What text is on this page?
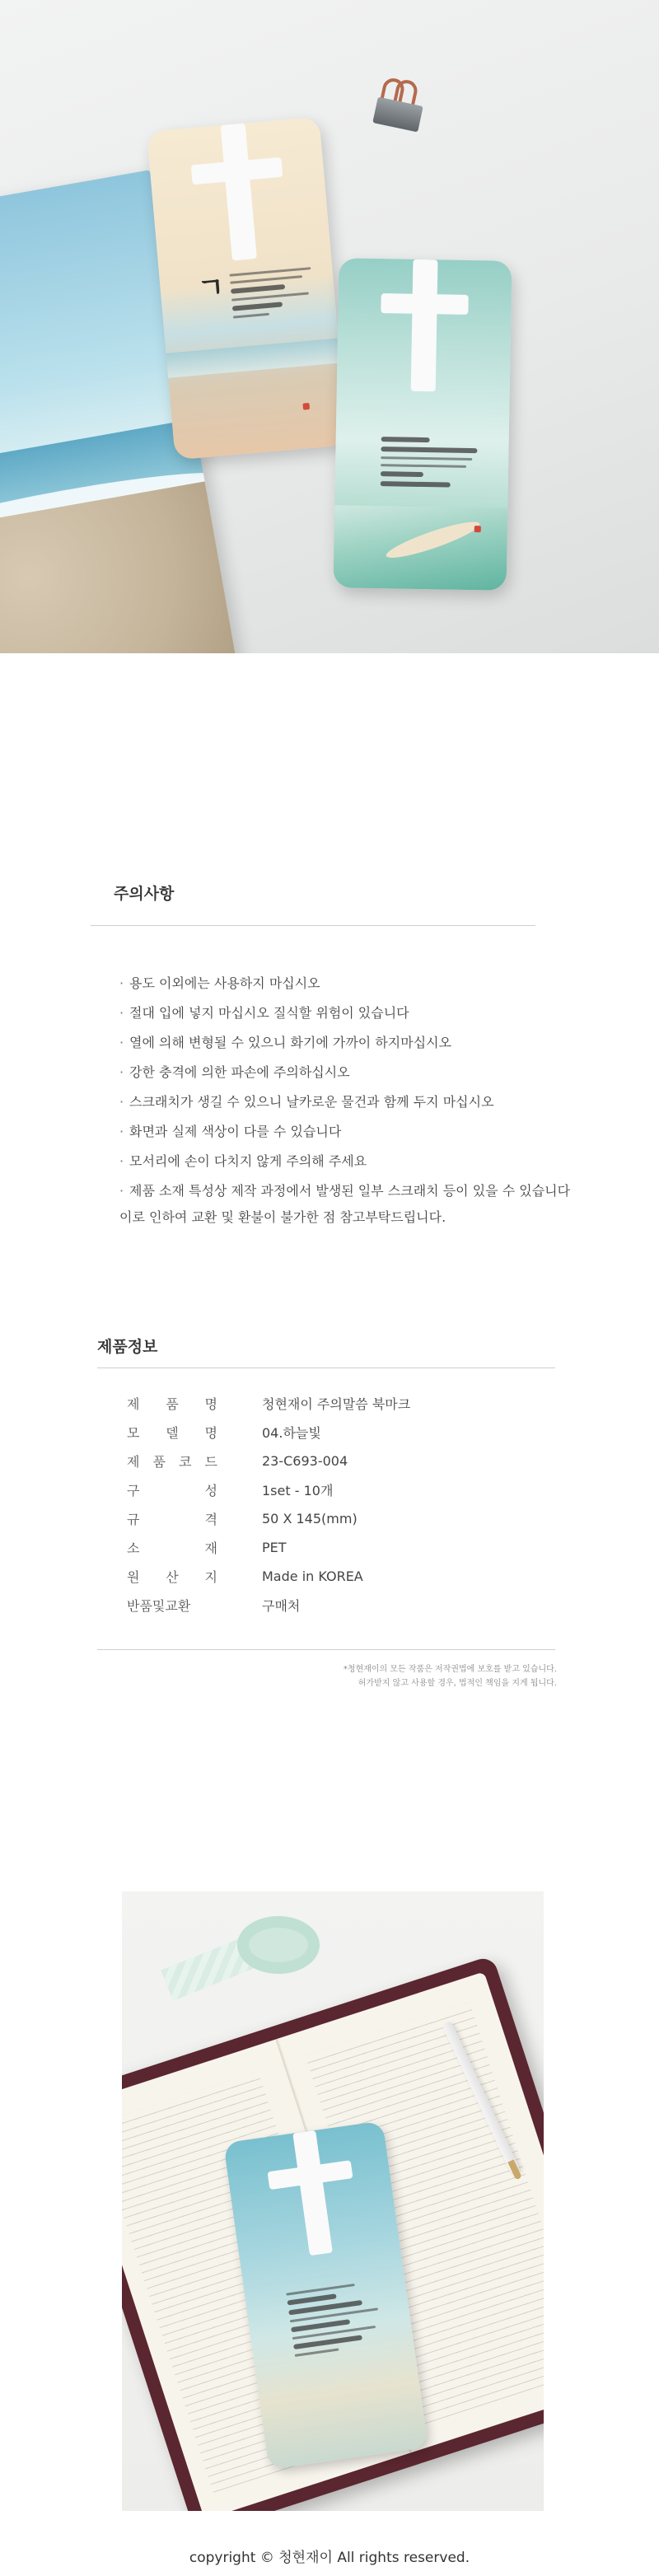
ㄱ
주의사항
· 용도 이외에는 사용하지 마십시오
· 절대 입에 넣지 마십시오 질식할 위험이 있습니다
· 열에 의해 변형될 수 있으니 화기에 가까이 하지마십시오
· 강한 충격에 의한 파손에 주의하십시오
· 스크래치가 생길 수 있으니 날카로운 물건과 함께 두지 마십시오
· 화면과 실제 색상이 다를 수 있습니다
· 모서리에 손이 다치지 않게 주의해 주세요
· 제품 소재 특성상 제작 과정에서 발생된 일부 스크래치 등이 있을 수 있습니다
이로 인하여 교환 및 환불이 불가한 점 참고부탁드립니다.
제품정보
제 품 명	청현재이 주의말씀 북마크

모 델 명	04.하늘빛

제 품 코 드	23-C693-004

구 성	1set - 10개

규 격	50 X 145(mm)

소 재	PET

원 산 지	Made in KOREA

반품및교환	구매처
*청현재이의 모든 작품은 저작권법에 보호를 받고 있습니다.
허가받지 않고 사용할 경우, 법적인 책임을 지게 됩니다.
copyright © 청현재이 All rights reserved.
